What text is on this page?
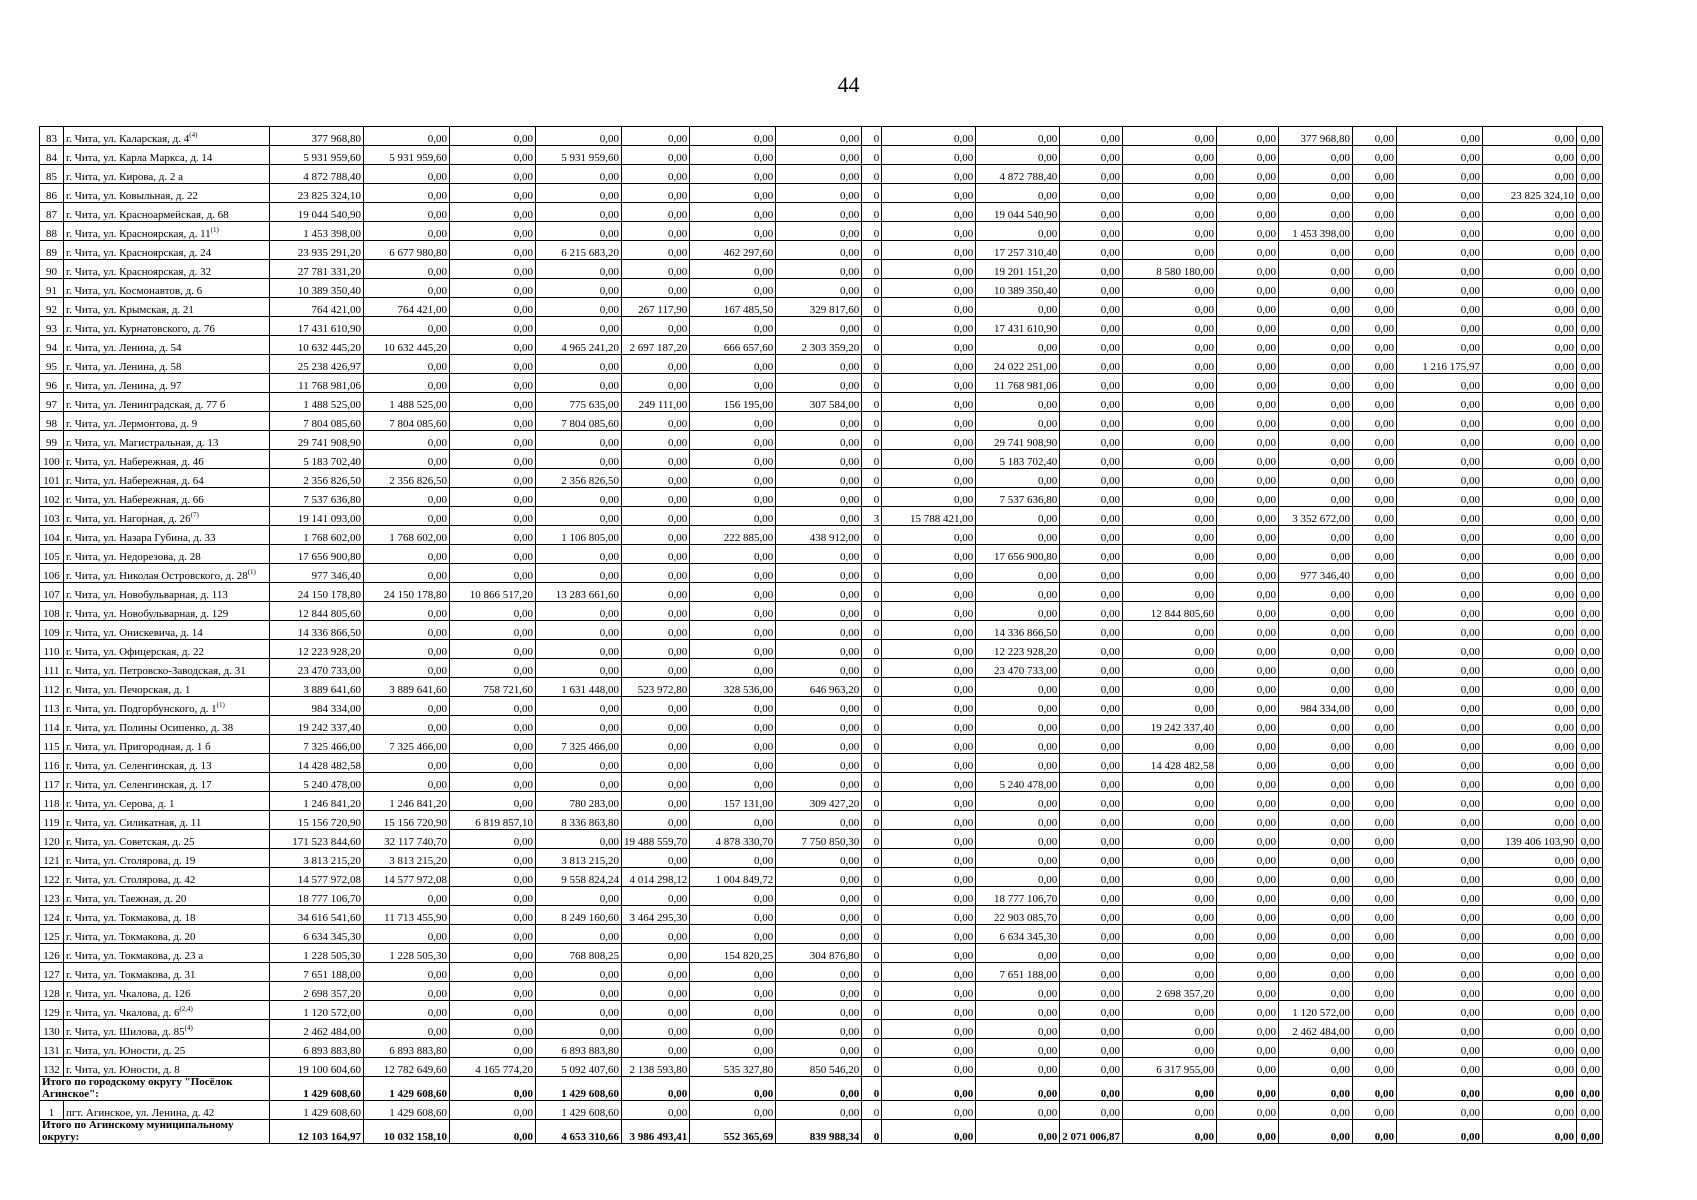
44
83	г. Чита, ул. Каларская, д. 4$^{(4)}$	377 968,80	0,00	0,00	0,00	0,00	0,00	0,00	0	0,00	0,00	0,00	0,00	0,00	377 968,80	0,00	0,00	0,00	0,00
84	г. Чита, ул. Карла Маркса, д. 14	5 931 959,60	5 931 959,60	0,00	5 931 959,60	0,00	0,00	0,00	0	0,00	0,00	0,00	0,00	0,00	0,00	0,00	0,00	0,00	0,00
85	г. Чита, ул. Кирова, д. 2 а	4 872 788,40	0,00	0,00	0,00	0,00	0,00	0,00	0	0,00	4 872 788,40	0,00	0,00	0,00	0,00	0,00	0,00	0,00	0,00
86	г. Чита, ул. Ковыльная, д. 22	23 825 324,10	0,00	0,00	0,00	0,00	0,00	0,00	0	0,00	0,00	0,00	0,00	0,00	0,00	0,00	0,00	23 825 324,10	0,00
87	г. Чита, ул. Красноармейская, д. 68	19 044 540,90	0,00	0,00	0,00	0,00	0,00	0,00	0	0,00	19 044 540,90	0,00	0,00	0,00	0,00	0,00	0,00	0,00	0,00
88	г. Чита, ул. Красноярская, д. 11$^{(1)}$	1 453 398,00	0,00	0,00	0,00	0,00	0,00	0,00	0	0,00	0,00	0,00	0,00	0,00	1 453 398,00	0,00	0,00	0,00	0,00
89	г. Чита, ул. Красноярская, д. 24	23 935 291,20	6 677 980,80	0,00	6 215 683,20	0,00	462 297,60	0,00	0	0,00	17 257 310,40	0,00	0,00	0,00	0,00	0,00	0,00	0,00	0,00
90	г. Чита, ул. Красноярская, д. 32	27 781 331,20	0,00	0,00	0,00	0,00	0,00	0,00	0	0,00	19 201 151,20	0,00	8 580 180,00	0,00	0,00	0,00	0,00	0,00	0,00
91	г. Чита, ул. Космонавтов, д. 6	10 389 350,40	0,00	0,00	0,00	0,00	0,00	0,00	0	0,00	10 389 350,40	0,00	0,00	0,00	0,00	0,00	0,00	0,00	0,00
92	г. Чита, ул. Крымская, д. 21	764 421,00	764 421,00	0,00	0,00	267 117,90	167 485,50	329 817,60	0	0,00	0,00	0,00	0,00	0,00	0,00	0,00	0,00	0,00	0,00
93	г. Чита, ул. Курнатовского, д. 76	17 431 610,90	0,00	0,00	0,00	0,00	0,00	0,00	0	0,00	17 431 610,90	0,00	0,00	0,00	0,00	0,00	0,00	0,00	0,00
94	г. Чита, ул. Ленина, д. 54	10 632 445,20	10 632 445,20	0,00	4 965 241,20	2 697 187,20	666 657,60	2 303 359,20	0	0,00	0,00	0,00	0,00	0,00	0,00	0,00	0,00	0,00	0,00
95	г. Чита, ул. Ленина, д. 58	25 238 426,97	0,00	0,00	0,00	0,00	0,00	0,00	0	0,00	24 022 251,00	0,00	0,00	0,00	0,00	0,00	1 216 175,97	0,00	0,00
96	г. Чита, ул. Ленина, д. 97	11 768 981,06	0,00	0,00	0,00	0,00	0,00	0,00	0	0,00	11 768 981,06	0,00	0,00	0,00	0,00	0,00	0,00	0,00	0,00
97	г. Чита, ул. Ленинградская, д. 77 б	1 488 525,00	1 488 525,00	0,00	775 635,00	249 111,00	156 195,00	307 584,00	0	0,00	0,00	0,00	0,00	0,00	0,00	0,00	0,00	0,00	0,00
98	г. Чита, ул. Лермонтова, д. 9	7 804 085,60	7 804 085,60	0,00	7 804 085,60	0,00	0,00	0,00	0	0,00	0,00	0,00	0,00	0,00	0,00	0,00	0,00	0,00	0,00
99	г. Чита, ул. Магистральная, д. 13	29 741 908,90	0,00	0,00	0,00	0,00	0,00	0,00	0	0,00	29 741 908,90	0,00	0,00	0,00	0,00	0,00	0,00	0,00	0,00
100	г. Чита, ул. Набережная, д. 46	5 183 702,40	0,00	0,00	0,00	0,00	0,00	0,00	0	0,00	5 183 702,40	0,00	0,00	0,00	0,00	0,00	0,00	0,00	0,00
101	г. Чита, ул. Набережная, д. 64	2 356 826,50	2 356 826,50	0,00	2 356 826,50	0,00	0,00	0,00	0	0,00	0,00	0,00	0,00	0,00	0,00	0,00	0,00	0,00	0,00
102	г. Чита, ул. Набережная, д. 66	7 537 636,80	0,00	0,00	0,00	0,00	0,00	0,00	0	0,00	7 537 636,80	0,00	0,00	0,00	0,00	0,00	0,00	0,00	0,00
103	г. Чита, ул. Нагорная, д. 26$^{(7)}$	19 141 093,00	0,00	0,00	0,00	0,00	0,00	0,00	3	15 788 421,00	0,00	0,00	0,00	0,00	3 352 672,00	0,00	0,00	0,00	0,00
104	г. Чита, ул. Назара Губина, д. 33	1 768 602,00	1 768 602,00	0,00	1 106 805,00	0,00	222 885,00	438 912,00	0	0,00	0,00	0,00	0,00	0,00	0,00	0,00	0,00	0,00	0,00
105	г. Чита, ул. Недорезова, д. 28	17 656 900,80	0,00	0,00	0,00	0,00	0,00	0,00	0	0,00	17 656 900,80	0,00	0,00	0,00	0,00	0,00	0,00	0,00	0,00
106	г. Чита, ул. Николая Островского, д. 28$^{(1)}$	977 346,40	0,00	0,00	0,00	0,00	0,00	0,00	0	0,00	0,00	0,00	0,00	0,00	977 346,40	0,00	0,00	0,00	0,00
107	г. Чита, ул. Новобульварная, д. 113	24 150 178,80	24 150 178,80	10 866 517,20	13 283 661,60	0,00	0,00	0,00	0	0,00	0,00	0,00	0,00	0,00	0,00	0,00	0,00	0,00	0,00
108	г. Чита, ул. Новобульварная, д. 129	12 844 805,60	0,00	0,00	0,00	0,00	0,00	0,00	0	0,00	0,00	0,00	12 844 805,60	0,00	0,00	0,00	0,00	0,00	0,00
109	г. Чита, ул. Онискевича, д. 14	14 336 866,50	0,00	0,00	0,00	0,00	0,00	0,00	0	0,00	14 336 866,50	0,00	0,00	0,00	0,00	0,00	0,00	0,00	0,00
110	г. Чита, ул. Офицерская, д. 22	12 223 928,20	0,00	0,00	0,00	0,00	0,00	0,00	0	0,00	12 223 928,20	0,00	0,00	0,00	0,00	0,00	0,00	0,00	0,00
111	г. Чита, ул. Петровско-Заводская, д. 31	23 470 733,00	0,00	0,00	0,00	0,00	0,00	0,00	0	0,00	23 470 733,00	0,00	0,00	0,00	0,00	0,00	0,00	0,00	0,00
112	г. Чита, ул. Печорская, д. 1	3 889 641,60	3 889 641,60	758 721,60	1 631 448,00	523 972,80	328 536,00	646 963,20	0	0,00	0,00	0,00	0,00	0,00	0,00	0,00	0,00	0,00	0,00
113	г. Чита, ул. Подгорбунского, д. 1$^{(1)}$	984 334,00	0,00	0,00	0,00	0,00	0,00	0,00	0	0,00	0,00	0,00	0,00	0,00	984 334,00	0,00	0,00	0,00	0,00
114	г. Чита, ул. Полины Осипенко, д. 38	19 242 337,40	0,00	0,00	0,00	0,00	0,00	0,00	0	0,00	0,00	0,00	19 242 337,40	0,00	0,00	0,00	0,00	0,00	0,00
115	г. Чита, ул. Пригородная, д. 1 б	7 325 466,00	7 325 466,00	0,00	7 325 466,00	0,00	0,00	0,00	0	0,00	0,00	0,00	0,00	0,00	0,00	0,00	0,00	0,00	0,00
116	г. Чита, ул. Селенгинская, д. 13	14 428 482,58	0,00	0,00	0,00	0,00	0,00	0,00	0	0,00	0,00	0,00	14 428 482,58	0,00	0,00	0,00	0,00	0,00	0,00
117	г. Чита, ул. Селенгинская, д. 17	5 240 478,00	0,00	0,00	0,00	0,00	0,00	0,00	0	0,00	5 240 478,00	0,00	0,00	0,00	0,00	0,00	0,00	0,00	0,00
118	г. Чита, ул. Серова, д. 1	1 246 841,20	1 246 841,20	0,00	780 283,00	0,00	157 131,00	309 427,20	0	0,00	0,00	0,00	0,00	0,00	0,00	0,00	0,00	0,00	0,00
119	г. Чита, ул. Силикатная, д. 11	15 156 720,90	15 156 720,90	6 819 857,10	8 336 863,80	0,00	0,00	0,00	0	0,00	0,00	0,00	0,00	0,00	0,00	0,00	0,00	0,00	0,00
120	г. Чита, ул. Советская, д. 25	171 523 844,60	32 117 740,70	0,00	0,00	19 488 559,70	4 878 330,70	7 750 850,30	0	0,00	0,00	0,00	0,00	0,00	0,00	0,00	0,00	139 406 103,90	0,00
121	г. Чита, ул. Столярова, д. 19	3 813 215,20	3 813 215,20	0,00	3 813 215,20	0,00	0,00	0,00	0	0,00	0,00	0,00	0,00	0,00	0,00	0,00	0,00	0,00	0,00
122	г. Чита, ул. Столярова, д. 42	14 577 972,08	14 577 972,08	0,00	9 558 824,24	4 014 298,12	1 004 849,72	0,00	0	0,00	0,00	0,00	0,00	0,00	0,00	0,00	0,00	0,00	0,00
123	г. Чита, ул. Таежная, д. 20	18 777 106,70	0,00	0,00	0,00	0,00	0,00	0,00	0	0,00	18 777 106,70	0,00	0,00	0,00	0,00	0,00	0,00	0,00	0,00
124	г. Чита, ул. Токмакова, д. 18	34 616 541,60	11 713 455,90	0,00	8 249 160,60	3 464 295,30	0,00	0,00	0	0,00	22 903 085,70	0,00	0,00	0,00	0,00	0,00	0,00	0,00	0,00
125	г. Чита, ул. Токмакова, д. 20	6 634 345,30	0,00	0,00	0,00	0,00	0,00	0,00	0	0,00	6 634 345,30	0,00	0,00	0,00	0,00	0,00	0,00	0,00	0,00
126	г. Чита, ул. Токмакова, д. 23 а	1 228 505,30	1 228 505,30	0,00	768 808,25	0,00	154 820,25	304 876,80	0	0,00	0,00	0,00	0,00	0,00	0,00	0,00	0,00	0,00	0,00
127	г. Чита, ул. Токмакова, д. 31	7 651 188,00	0,00	0,00	0,00	0,00	0,00	0,00	0	0,00	7 651 188,00	0,00	0,00	0,00	0,00	0,00	0,00	0,00	0,00
128	г. Чита, ул. Чкалова, д. 126	2 698 357,20	0,00	0,00	0,00	0,00	0,00	0,00	0	0,00	0,00	0,00	2 698 357,20	0,00	0,00	0,00	0,00	0,00	0,00
129	г. Чита, ул. Чкалова, д. 6$^{(2,4)}$	1 120 572,00	0,00	0,00	0,00	0,00	0,00	0,00	0	0,00	0,00	0,00	0,00	0,00	1 120 572,00	0,00	0,00	0,00	0,00
130	г. Чита, ул. Шилова, д. 85$^{(4)}$	2 462 484,00	0,00	0,00	0,00	0,00	0,00	0,00	0	0,00	0,00	0,00	0,00	0,00	2 462 484,00	0,00	0,00	0,00	0,00
131	г. Чита, ул. Юности, д. 25	6 893 883,80	6 893 883,80	0,00	6 893 883,80	0,00	0,00	0,00	0	0,00	0,00	0,00	0,00	0,00	0,00	0,00	0,00	0,00	0,00
132	г. Чита, ул. Юности, д. 8	19 100 604,60	12 782 649,60	4 165 774,20	5 092 407,60	2 138 593,80	535 327,80	850 546,20	0	0,00	0,00	0,00	6 317 955,00	0,00	0,00	0,00	0,00	0,00	0,00
Итого по городскому округу "Посёлок Агинское":		1 429 608,60	1 429 608,60	0,00	1 429 608,60	0,00	0,00	0,00	0	0,00	0,00	0,00	0,00	0,00	0,00	0,00	0,00	0,00	0,00
1	пгт. Агинское, ул. Ленина, д. 42	1 429 608,60	1 429 608,60	0,00	1 429 608,60	0,00	0,00	0,00	0	0,00	0,00	0,00	0,00	0,00	0,00	0,00	0,00	0,00	0,00
Итого по Агинскому муниципальному округу:		12 103 164,97	10 032 158,10	0,00	4 653 310,66	3 986 493,41	552 365,69	839 988,34	0	0,00	0,00	2 071 006,87	0,00	0,00	0,00	0,00	0,00	0,00	0,00
